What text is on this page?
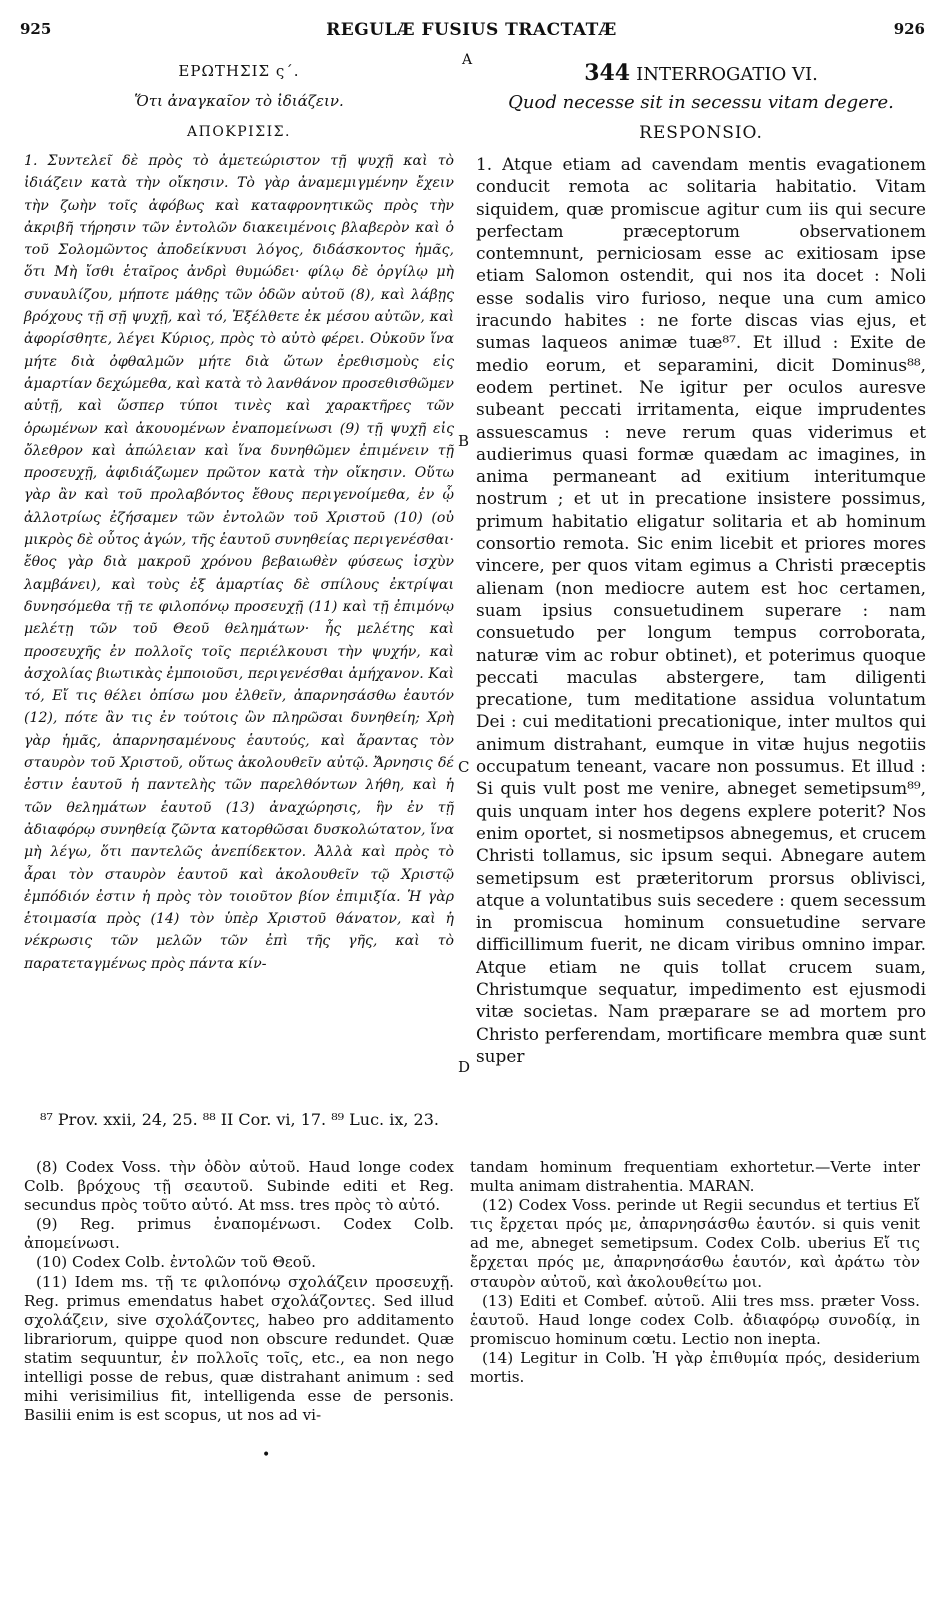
925	REGULÆ FUSIUS TRACTATÆ	926
A
B
C
D
ΕΡΩΤΗΣΙΣ ς΄.
Ὅτι ἀναγκαῖον τὸ ἰδιάζειν.
ΑΠΟΚΡΙΣΙΣ.

1. Συντελεῖ δὲ πρὸς τὸ ἀμετεώριστον τῇ ψυχῇ καὶ τὸ ἰδιάζειν κατὰ τὴν οἴκησιν. Τὸ γὰρ ἀναμεμιγμένην ἔχειν τὴν ζωὴν τοῖς ἀφόβως καὶ καταφρονητικῶς πρὸς τὴν ἀκριβῆ τήρησιν τῶν ἐντολῶν διακειμένοις βλαβερὸν καὶ ὁ τοῦ Σολομῶντος ἀποδείκνυσι λόγος, διδάσκοντος ἡμᾶς, ὅτι Μὴ ἴσθι ἑταῖρος ἀνδρὶ θυμώδει· φίλῳ δὲ ὀργίλῳ μὴ συναυλίζου, μήποτε μάθῃς τῶν ὁδῶν αὐτοῦ (8), καὶ λάβῃς βρόχους τῇ σῇ ψυχῇ, καὶ τό, Ἐξέλθετε ἐκ μέσου αὐτῶν, καὶ ἀφορίσθητε, λέγει Κύριος, πρὸς τὸ αὐτὸ φέρει. Οὐκοῦν ἵνα μήτε διὰ ὀφθαλμῶν μήτε διὰ ὤτων ἐρεθισμοὺς εἰς ἁμαρτίαν δεχώμεθα, καὶ κατὰ τὸ λανθάνον προσεθισθῶμεν αὐτῇ, καὶ ὥσπερ τύποι τινὲς καὶ χαρακτῆρες τῶν ὁρωμένων καὶ ἀκουομένων ἐναπομείνωσι (9) τῇ ψυχῇ εἰς ὄλεθρον καὶ ἀπώλειαν καὶ ἵνα δυνηθῶμεν ἐπιμένειν τῇ προσευχῇ, ἀφιδιάζωμεν πρῶτον κατὰ τὴν οἴκησιν. Οὕτω γὰρ ἂν καὶ τοῦ προλαβόντος ἔθους περιγενοίμεθα, ἐν ᾧ ἀλλοτρίως ἐζήσαμεν τῶν ἐντολῶν τοῦ Χριστοῦ (10) (οὐ μικρὸς δὲ οὗτος ἀγών, τῆς ἑαυτοῦ συνηθείας περιγενέσθαι· ἔθος γὰρ διὰ μακροῦ χρόνου βεβαιωθὲν φύσεως ἰσχὺν λαμβάνει), καὶ τοὺς ἐξ ἁμαρτίας δὲ σπίλους ἐκτρίψαι δυνησόμεθα τῇ τε φιλοπόνῳ προσευχῇ (11) καὶ τῇ ἐπιμόνῳ μελέτῃ τῶν τοῦ Θεοῦ θελημάτων· ἧς μελέτης καὶ προσευχῆς ἐν πολλοῖς τοῖς περιέλκουσι τὴν ψυχήν, καὶ ἀσχολίας βιωτικὰς ἐμποιοῦσι, περιγενέσθαι ἀμήχανον. Καὶ τό, Εἴ τις θέλει ὀπίσω μου ἐλθεῖν, ἀπαρνησάσθω ἑαυτόν (12), πότε ἂν τις ἐν τούτοις ὢν πληρῶσαι δυνηθείη; Χρὴ γὰρ ἡμᾶς, ἀπαρνησαμένους ἑαυτούς, καὶ ἄραντας τὸν σταυρὸν τοῦ Χριστοῦ, οὕτως ἀκολουθεῖν αὐτῷ. Ἄρνησις δέ ἐστιν ἑαυτοῦ ἡ παντελὴς τῶν παρελθόντων λήθη, καὶ ἡ τῶν θελημάτων ἑαυτοῦ (13) ἀναχώρησις, ἣν ἐν τῇ ἀδιαφόρῳ συνηθείᾳ ζῶντα κατορθῶσαι δυσκολώτατον, ἵνα μὴ λέγω, ὅτι παντελῶς ἀνεπίδεκτον. Ἀλλὰ καὶ πρὸς τὸ ἆραι τὸν σταυρὸν ἑαυτοῦ καὶ ἀκολουθεῖν τῷ Χριστῷ ἐμπόδιόν ἐστιν ἡ πρὸς τὸν τοιοῦτον βίον ἐπιμιξία. Ἡ γὰρ ἑτοιμασία πρὸς (14) τὸν ὑπὲρ Χριστοῦ θάνατον, καὶ ἡ νέκρωσις τῶν μελῶν τῶν ἐπὶ τῆς γῆς, καὶ τὸ παρατεταγμένως πρὸς πάντα κίν-

344 INTERROGATIO VI.
Quod necesse sit in secessu vitam degere.
RESPONSIO.

1. Atque etiam ad cavendam mentis evagationem conducit remota ac solitaria habitatio. Vitam siquidem, quæ promiscue agitur cum iis qui secure perfectam præceptorum observationem contemnunt, perniciosam esse ac exitiosam ipse etiam Salomon ostendit, qui nos ita docet : Noli esse sodalis viro furioso, neque una cum amico iracundo habites : ne forte discas vias ejus, et sumas laqueos animæ tuæ⁸⁷. Et illud : Exite de medio eorum, et separamini, dicit Dominus⁸⁸, eodem pertinet. Ne igitur per oculos auresve subeant peccati irritamenta, eique imprudentes assuescamus : neve rerum quas viderimus et audierimus quasi formæ quædam ac imagines, in anima permaneant ad exitium interitumque nostrum ; et ut in precatione insistere possimus, primum habitatio eligatur solitaria et ab hominum consortio remota. Sic enim licebit et priores mores vincere, per quos vitam egimus a Christi præceptis alienam (non mediocre autem est hoc certamen, suam ipsius consuetudinem superare : nam consuetudo per longum tempus corroborata, naturæ vim ac robur obtinet), et poterimus quoque peccati maculas abstergere, tam diligenti precatione, tum meditatione assidua voluntatum Dei : cui meditationi precationique, inter multos qui animum distrahant, eumque in vitæ hujus negotiis occupatum teneant, vacare non possumus. Et illud : Si quis vult post me venire, abneget semetipsum⁸⁹, quis unquam inter hos degens explere poterit? Nos enim oportet, si nosmetipsos abnegemus, et crucem Christi tollamus, sic ipsum sequi. Abnegare autem semetipsum est præteritorum prorsus oblivisci, atque a voluntatibus suis secedere : quem secessum in promiscua hominum consuetudine servare difficillimum fuerit, ne dicam viribus omnino impar. Atque etiam ne quis tollat crucem suam, Christumque sequatur, impedimento est ejusmodi vitæ societas. Nam præparare se ad mortem pro Christo perferendam, mortificare membra quæ sunt super

⁸⁷ Prov. xxii, 24, 25. ⁸⁸ II Cor. vi, 17. ⁸⁹ Luc. ix, 23.

(8) Codex Voss. τὴν ὁδὸν αὐτοῦ. Haud longe codex Colb. βρόχους τῇ σεαυτοῦ. Subinde editi et Reg. secundus πρὸς τοῦτο αὐτό. At mss. tres πρὸς τὸ αὐτό.

(9) Reg. primus ἐναπομένωσι. Codex Colb. ἀπομείνωσι.

(10) Codex Colb. ἐντολῶν τοῦ Θεοῦ.

(11) Idem ms. τῇ τε φιλοπόνῳ σχολάζειν προσευχῇ. Reg. primus emendatus habet σχολάζοντες. Sed illud σχολάζειν, sive σχολάζοντες, habeo pro additamento librariorum, quippe quod non obscure redundet. Quæ statim sequuntur, ἐν πολλοῖς τοῖς, etc., ea non nego intelligi posse de rebus, quæ distrahant animum : sed mihi verisimilius fit, intelligenda esse de personis. Basilii enim is est scopus, ut nos ad vi-

tandam hominum frequentiam exhortetur.—Verte inter multa animam distrahentia. MARAN.

(12) Codex Voss. perinde ut Regii secundus et tertius Εἴ τις ἔρχεται πρός με, ἀπαρνησάσθω ἑαυτόν. si quis venit ad me, abneget semetipsum. Codex Colb. uberius Εἴ τις ἔρχεται πρός με, ἀπαρνησάσθω ἑαυτόν, καὶ ἀράτω τὸν σταυρὸν αὐτοῦ, καὶ ἀκολουθείτω μοι.

(13) Editi et Combef. αὐτοῦ. Alii tres mss. præter Voss. ἑαυτοῦ. Haud longe codex Colb. ἀδιαφόρῳ συνοδίᾳ, in promiscuo hominum cœtu. Lectio non inepta.

(14) Legitur in Colb. Ἡ γὰρ ἐπιθυμία πρός, desiderium mortis.

•
